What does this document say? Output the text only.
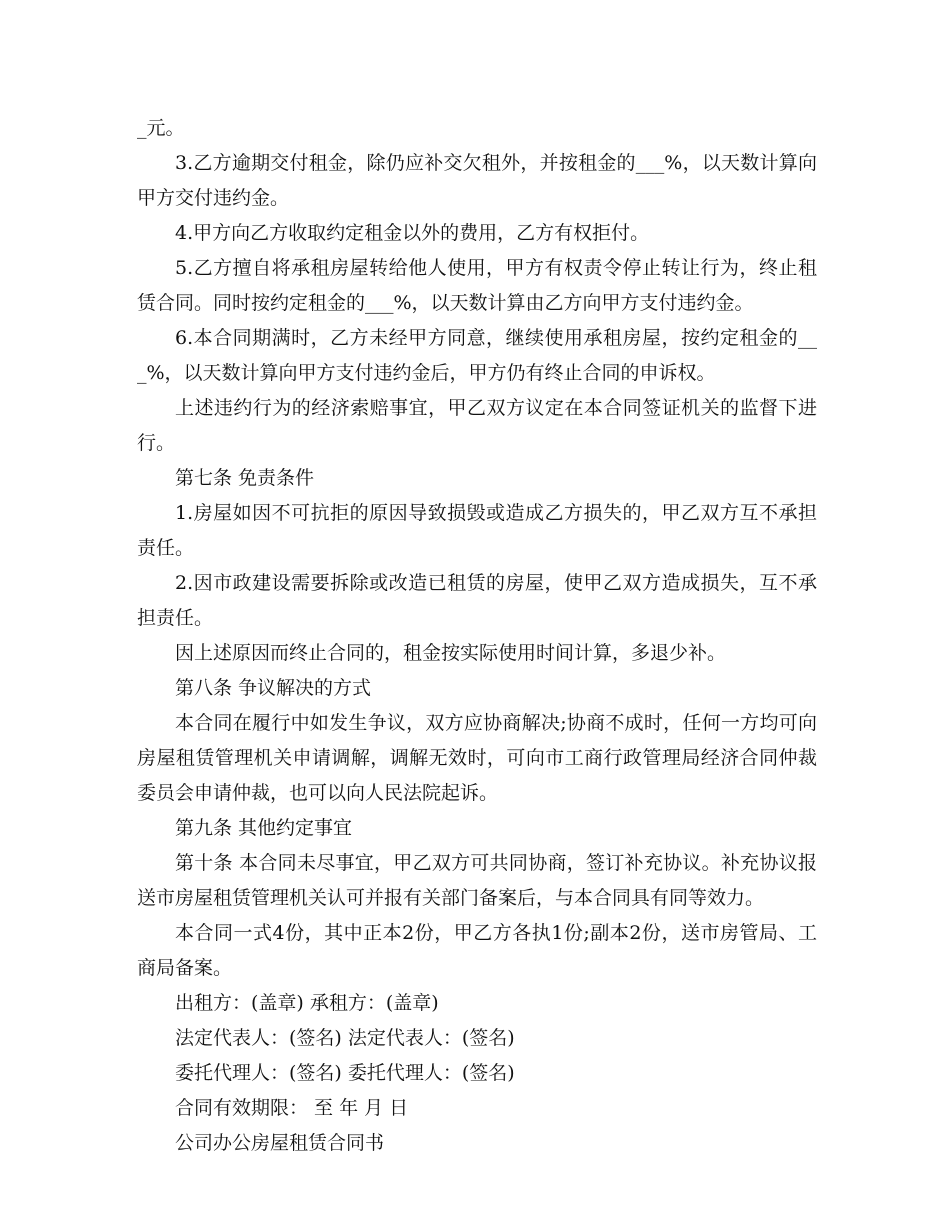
_元。

3.乙方逾期交付租金，除仍应补交欠租外，并按租金的___%，以天数计算向甲方交付违约金。

4.甲方向乙方收取约定租金以外的费用，乙方有权拒付。

5.乙方擅自将承租房屋转给他人使用，甲方有权责令停止转让行为，终止租赁合同。同时按约定租金的___%，以天数计算由乙方向甲方支付违约金。

6.本合同期满时，乙方未经甲方同意，继续使用承租房屋，按约定租金的___%，以天数计算向甲方支付违约金后，甲方仍有终止合同的申诉权。

上述违约行为的经济索赔事宜，甲乙双方议定在本合同签证机关的监督下进行。

第七条 免责条件

1.房屋如因不可抗拒的原因导致损毁或造成乙方损失的，甲乙双方互不承担责任。

2.因市政建设需要拆除或改造已租赁的房屋，使甲乙双方造成损失，互不承担责任。

因上述原因而终止合同的，租金按实际使用时间计算，多退少补。

第八条 争议解决的方式

本合同在履行中如发生争议，双方应协商解决;协商不成时，任何一方均可向房屋租赁管理机关申请调解，调解无效时，可向市工商行政管理局经济合同仲裁委员会申请仲裁，也可以向人民法院起诉。

第九条 其他约定事宜

第十条 本合同未尽事宜，甲乙双方可共同协商，签订补充协议。补充协议报送市房屋租赁管理机关认可并报有关部门备案后，与本合同具有同等效力。

本合同一式4份，其中正本2份，甲乙方各执1份;副本2份，送市房管局、工商局备案。

出租方：(盖章) 承租方：(盖章)

法定代表人：(签名) 法定代表人：(签名)

委托代理人：(签名) 委托代理人：(签名)

合同有效期限： 至 年 月 日

公司办公房屋租赁合同书
